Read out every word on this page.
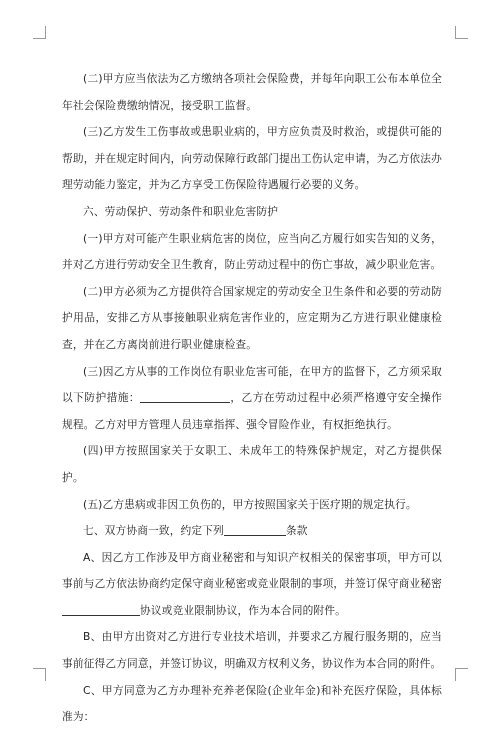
(二)甲方应当依法为乙方缴纳各项社会保险费，并每年向职工公布本单位全年社会保险费缴纳情况，接受职工监督。

(三)乙方发生工伤事故或患职业病的，甲方应负责及时救治，或提供可能的帮助，并在规定时间内，向劳动保障行政部门提出工伤认定申请，为乙方依法办理劳动能力鉴定，并为乙方享受工伤保险待遇履行必要的义务。

六、劳动保护、劳动条件和职业危害防护

(一)甲方对可能产生职业病危害的岗位，应当向乙方履行如实告知的义务，并对乙方进行劳动安全卫生教育，防止劳动过程中的伤亡事故，减少职业危害。

(二)甲方必须为乙方提供符合国家规定的劳动安全卫生条件和必要的劳动防护用品，安排乙方从事接触职业病危害作业的，应定期为乙方进行职业健康检查，并在乙方离岗前进行职业健康检查。

(三)因乙方从事的工作岗位有职业危害可能，在甲方的监督下，乙方须采取以下防护措施：	，乙方在劳动过程中必须严格遵守安全操作规程。乙方对甲方管理人员违章指挥、强令冒险作业，有权拒绝执行。

(四)甲方按照国家关于女职工、未成年工的特殊保护规定，对乙方提供保护。

(五)乙方患病或非因工负伤的，甲方按照国家关于医疗期的规定执行。

七、双方协商一致，约定下列	条款

A、因乙方工作涉及甲方商业秘密和与知识产权相关的保密事项，甲方可以事前与乙方依法协商约定保守商业秘密或竞业限制的事项，并签订保守商业秘密协议或竞业限制协议，作为本合同的附件。

B、由甲方出资对乙方进行专业技术培训，并要求乙方履行服务期的，应当事前征得乙方同意，并签订协议，明确双方权利义务，协议作为本合同的附件。

C、甲方同意为乙方办理补充养老保险(企业年金)和补充医疗保险，具体标准为：
